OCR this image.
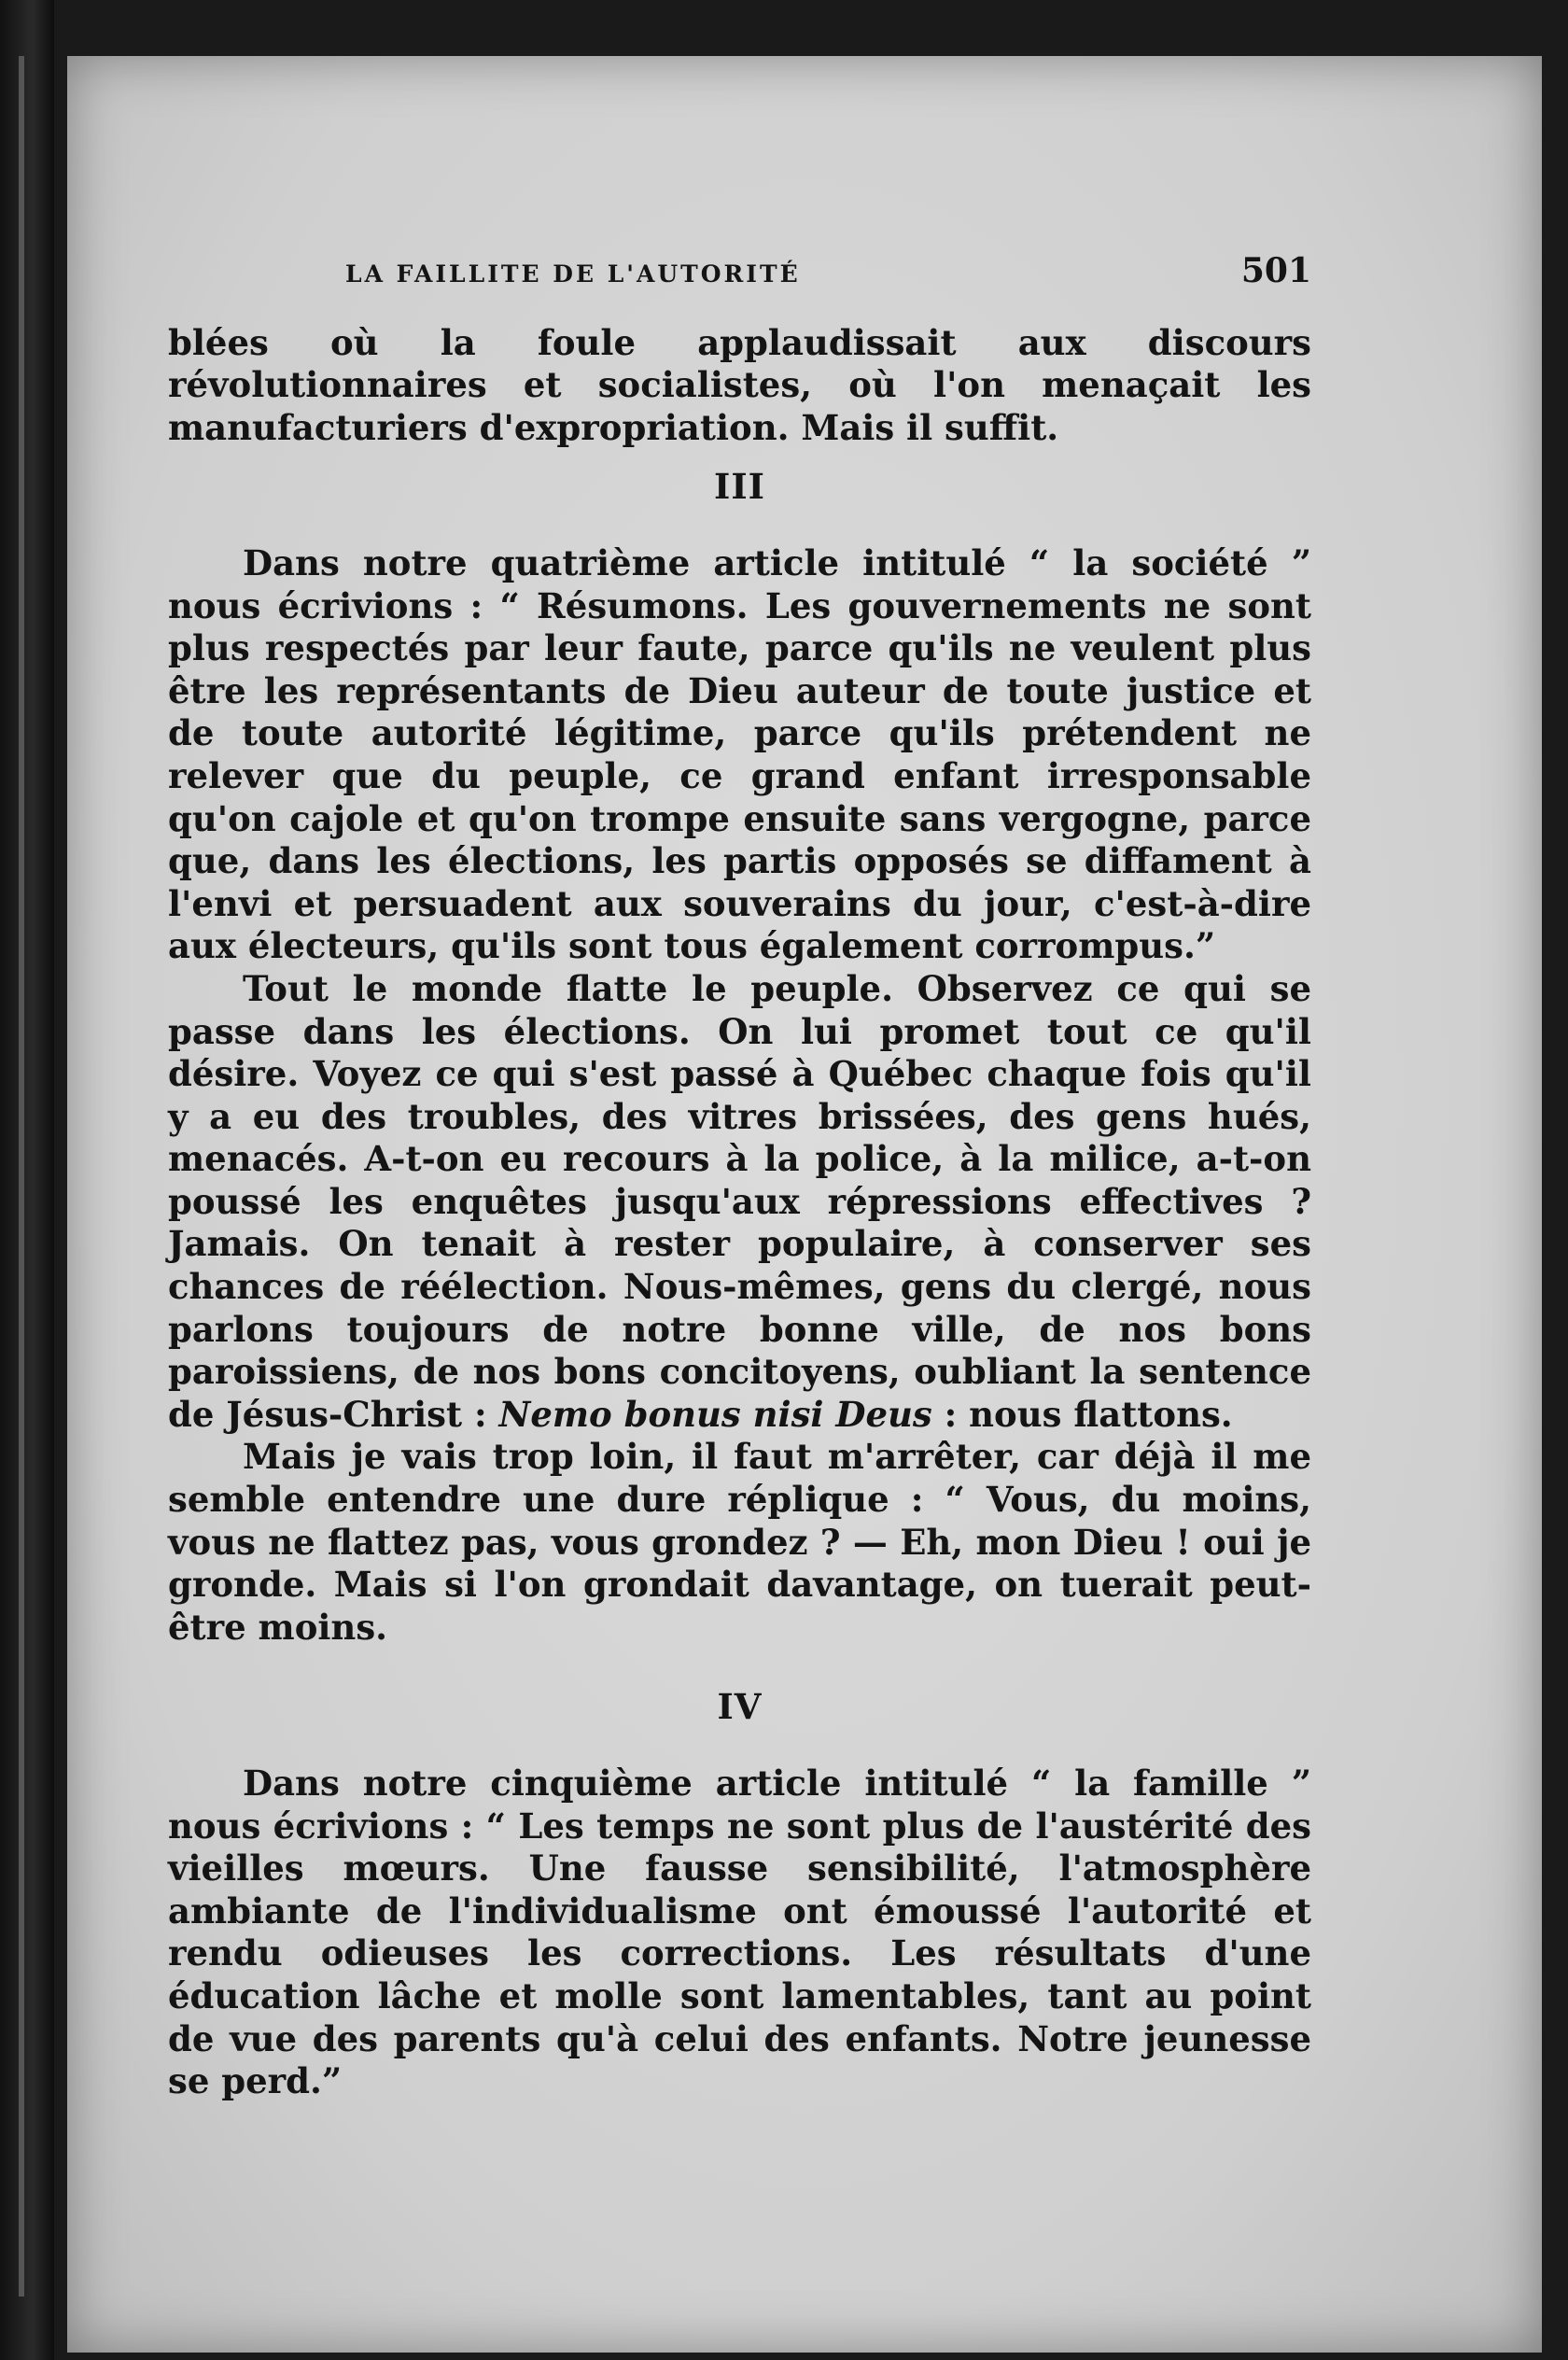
LA FAILLITE DE L'AUTORITÉ	501

blées où la foule applaudissait aux discours révolutionnaires et socialistes, où l'on menaçait les manufacturiers d'expropriation. Mais il suffit.

III

Dans notre quatrième article intitulé “ la société ” nous écrivions : “ Résumons. Les gouvernements ne sont plus respectés par leur faute, parce qu'ils ne veulent plus être les représentants de Dieu auteur de toute justice et de toute autorité légitime, parce qu'ils prétendent ne relever que du peuple, ce grand enfant irresponsable qu'on cajole et qu'on trompe ensuite sans vergogne, parce que, dans les élections, les partis opposés se diffament à l'envi et persuadent aux souverains du jour, c'est-à-dire aux électeurs, qu'ils sont tous également corrompus.”

Tout le monde flatte le peuple. Observez ce qui se passe dans les élections. On lui promet tout ce qu'il désire. Voyez ce qui s'est passé à Québec chaque fois qu'il y a eu des troubles, des vitres brissées, des gens hués, menacés. A-t-on eu recours à la police, à la milice, a-t-on poussé les enquêtes jusqu'aux répressions effectives ? Jamais. On tenait à rester populaire, à conserver ses chances de réélection. Nous-mêmes, gens du clergé, nous parlons toujours de notre bonne ville, de nos bons paroissiens, de nos bons concitoyens, oubliant la sentence de Jésus-Christ : Nemo bonus nisi Deus : nous flattons.

Mais je vais trop loin, il faut m'arrêter, car déjà il me semble entendre une dure réplique : “ Vous, du moins, vous ne flattez pas, vous grondez ? — Eh, mon Dieu ! oui je gronde. Mais si l'on grondait davantage, on tuerait peut-être moins.

IV

Dans notre cinquième article intitulé “ la famille ” nous écrivions : “ Les temps ne sont plus de l'austérité des vieilles mœurs. Une fausse sensibilité, l'atmosphère ambiante de l'individualisme ont émoussé l'autorité et rendu odieuses les corrections. Les résultats d'une éducation lâche et molle sont lamentables, tant au point de vue des parents qu'à celui des enfants. Notre jeunesse se perd.”
